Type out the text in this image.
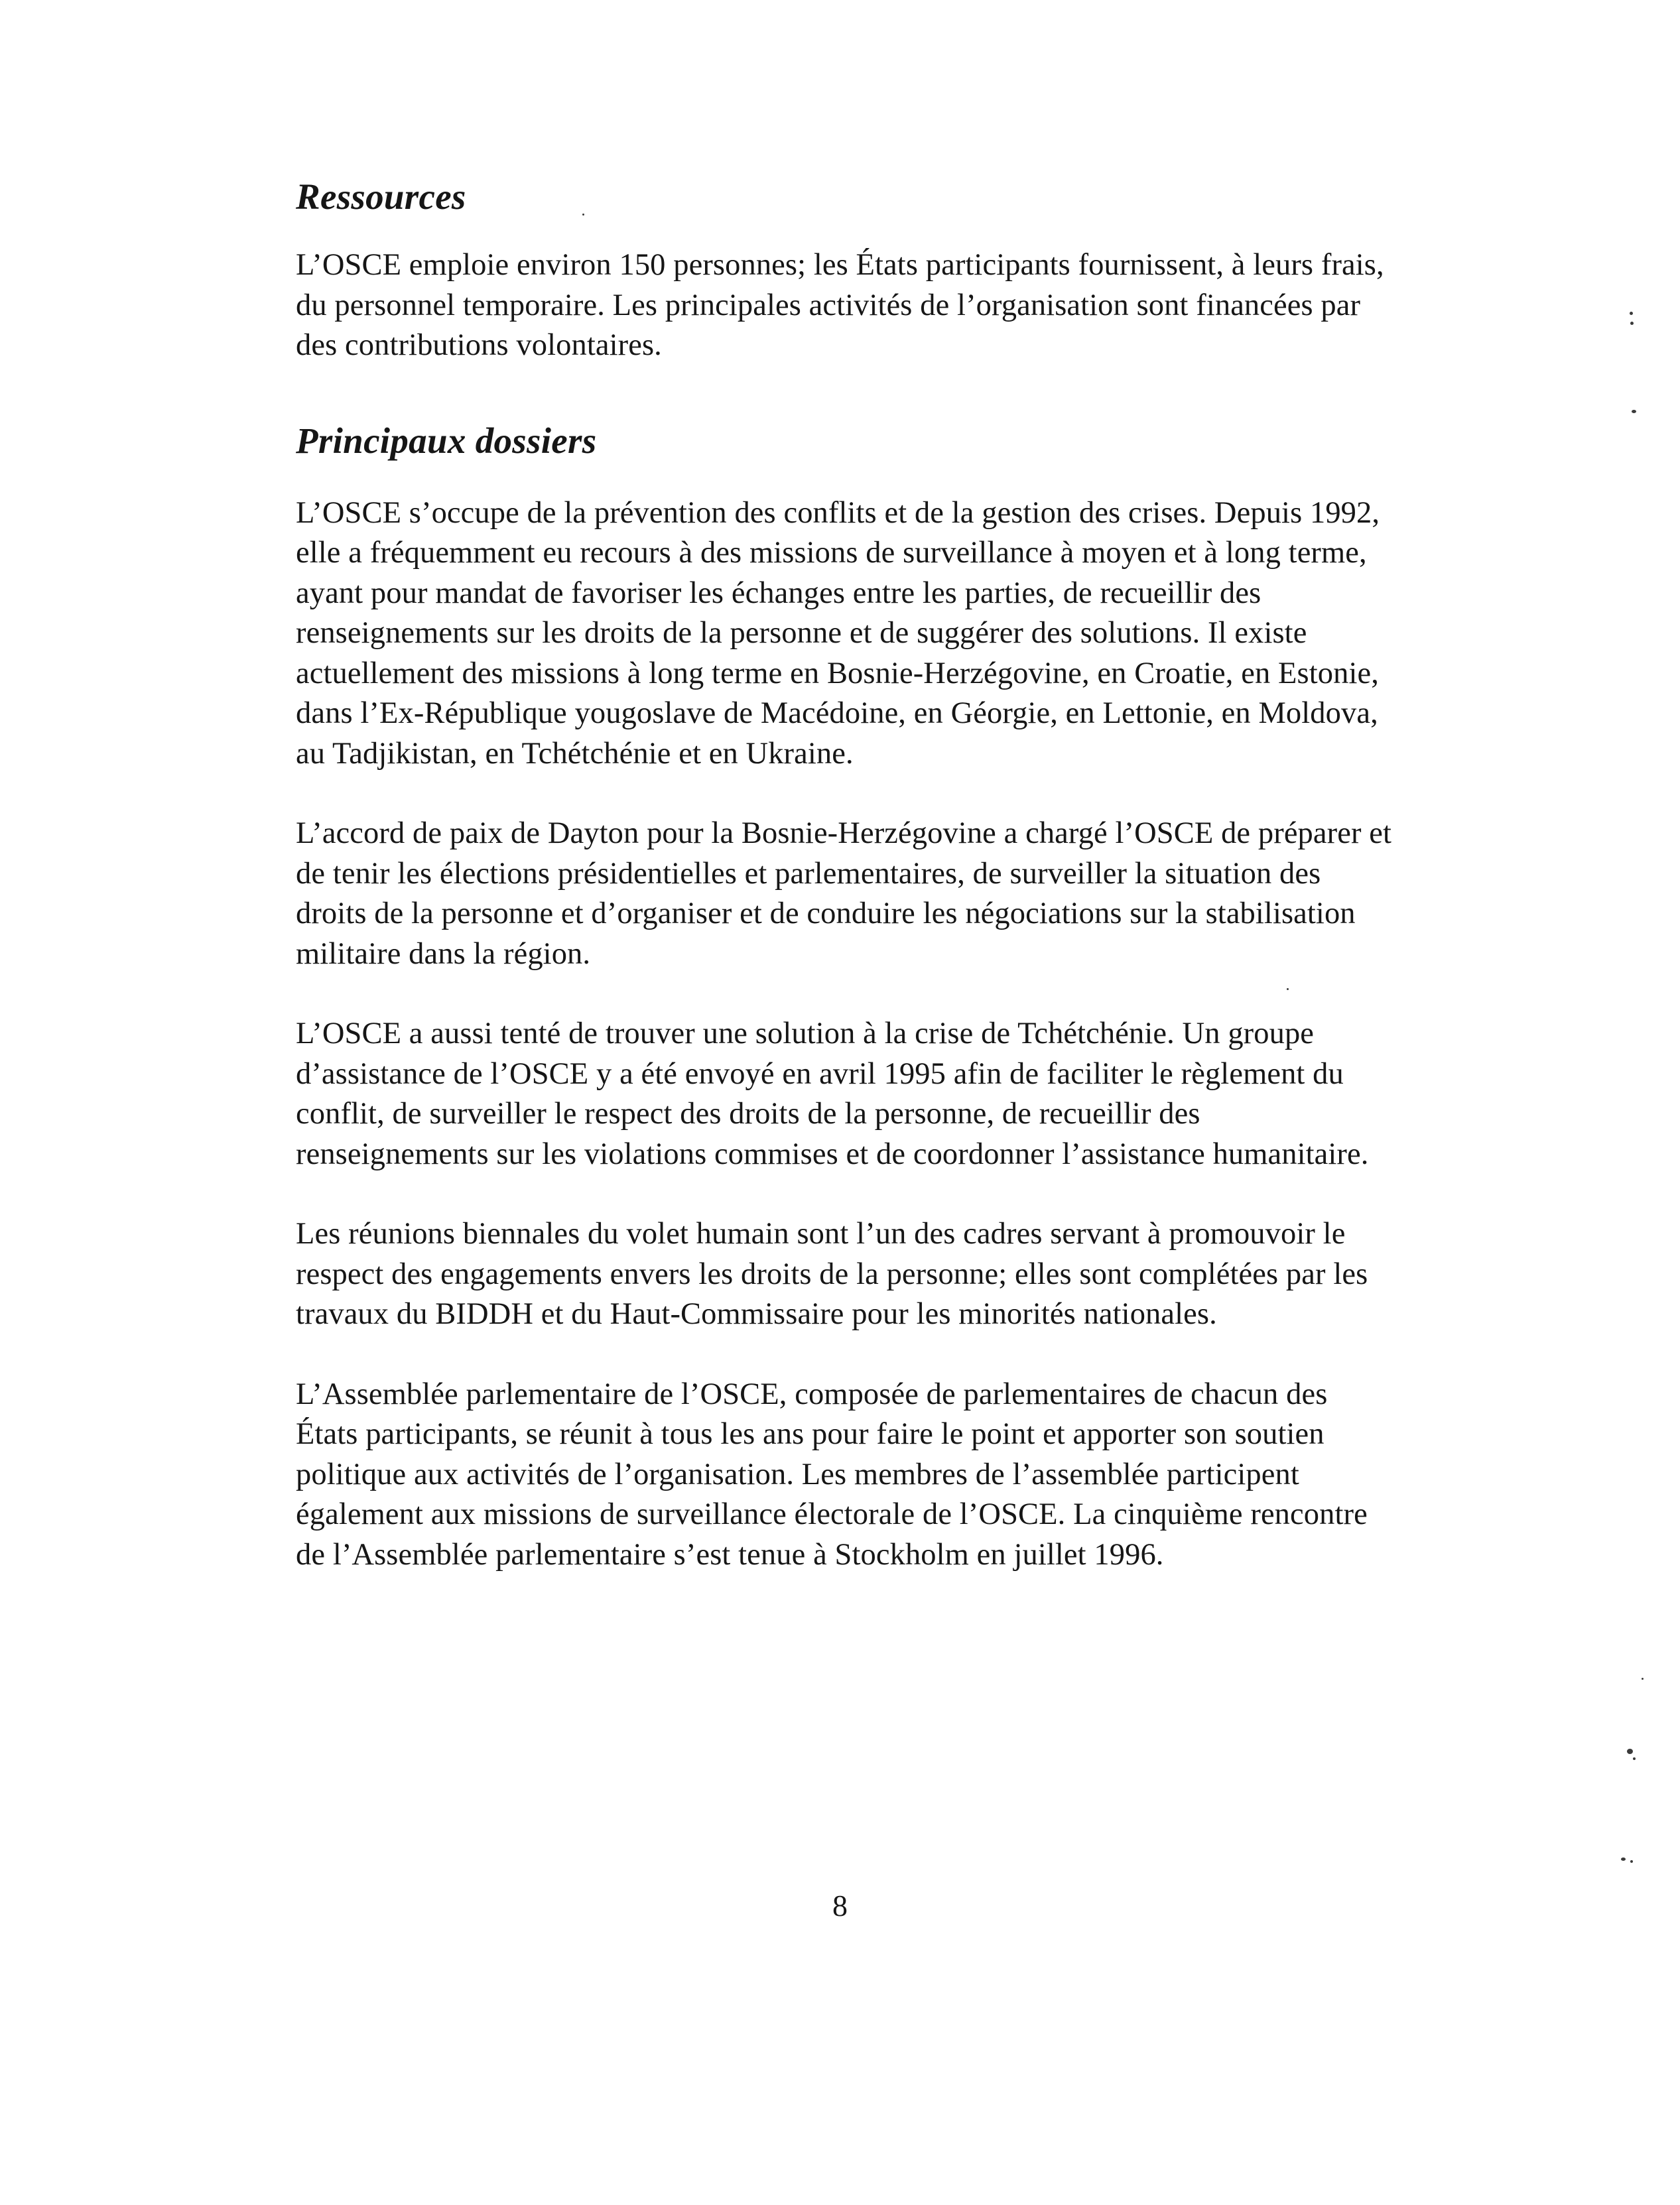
Ressources

L’OSCE emploie environ 150 personnes; les États participants fournissent, à leurs frais, du personnel temporaire. Les principales activités de l’organisation sont financées par des contributions volontaires.

Principaux dossiers

L’OSCE s’occupe de la prévention des conflits et de la gestion des crises. Depuis 1992, elle a fréquemment eu recours à des missions de surveillance à moyen et à long terme, ayant pour mandat de favoriser les échanges entre les parties, de recueillir des renseignements sur les droits de la personne et de suggérer des solutions. Il existe actuellement des missions à long terme en Bosnie-Herzégovine, en Croatie, en Estonie, dans l’Ex-République yougoslave de Macédoine, en Géorgie, en Lettonie, en Moldova, au Tadjikistan, en Tchétchénie et en Ukraine.

L’accord de paix de Dayton pour la Bosnie-Herzégovine a chargé l’OSCE de préparer et de tenir les élections présidentielles et parlementaires, de surveiller la situation des droits de la personne et d’organiser et de conduire les négociations sur la stabilisation militaire dans la région.

L’OSCE a aussi tenté de trouver une solution à la crise de Tchétchénie. Un groupe d’assistance de l’OSCE y a été envoyé en avril 1995 afin de faciliter le règlement du conflit, de surveiller le respect des droits de la personne, de recueillir des renseignements sur les violations commises et de coordonner l’assistance humanitaire.

Les réunions biennales du volet humain sont l’un des cadres servant à promouvoir le respect des engagements envers les droits de la personne; elles sont complétées par les travaux du BIDDH et du Haut-Commissaire pour les minorités nationales.

L’Assemblée parlementaire de l’OSCE, composée de parlementaires de chacun des États participants, se réunit à tous les ans pour faire le point et apporter son soutien politique aux activités de l’organisation. Les membres de l’assemblée participent également aux missions de surveillance électorale de l’OSCE. La cinquième rencontre de l’Assemblée parlementaire s’est tenue à Stockholm en juillet 1996.

8
